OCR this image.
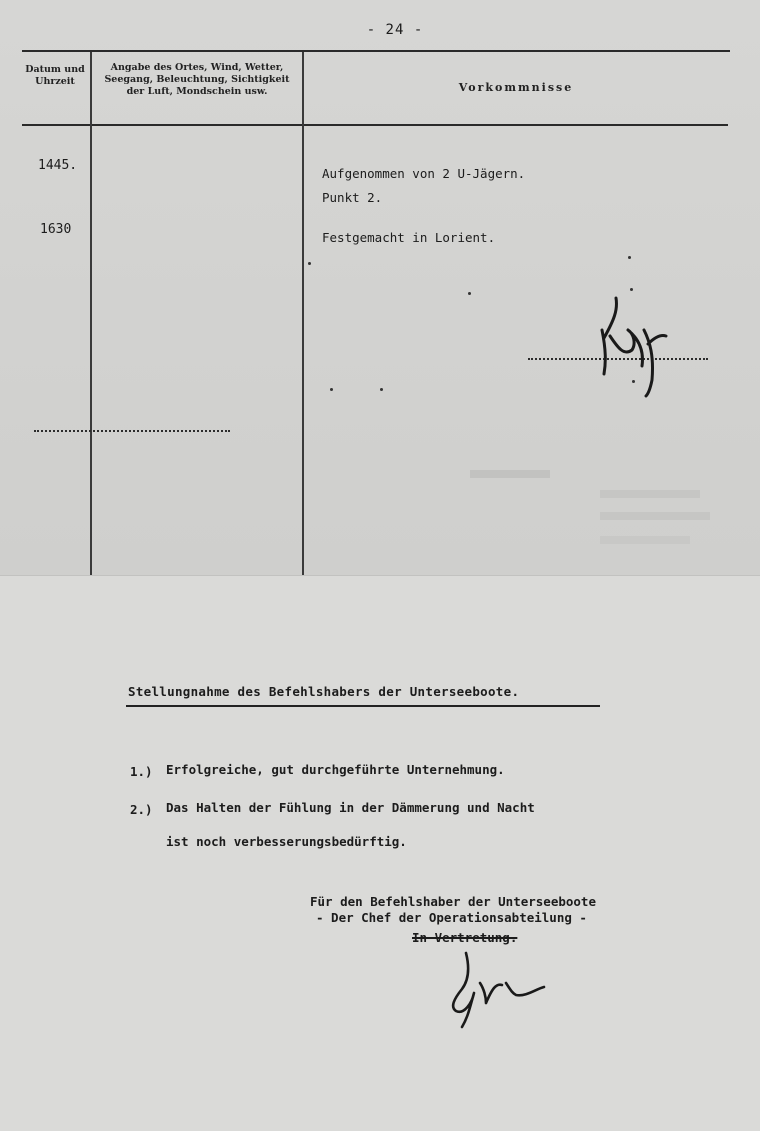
- 24 -
Datum und Uhrzeit
Angabe des Ortes, Wind, Wetter, Seegang, Beleuchtung, Sichtigkeit der Luft, Mondschein usw.	Vorkommnisse
1445.
Aufgenommen von 2 U-Jägern.
Punkt 2.
1630
Festgemacht in Lorient.
Stellungnahme des Befehlshabers der Unterseeboote.
1.) Erfolgreiche, gut durchgeführte Unternehmung.
2.) Das Halten der Fühlung in der Dämmerung und Nacht
ist noch verbesserungsbedürftig.
Für den Befehlshaber der Unterseeboote
- Der Chef der Operationsabteilung -
In Vertretung.
